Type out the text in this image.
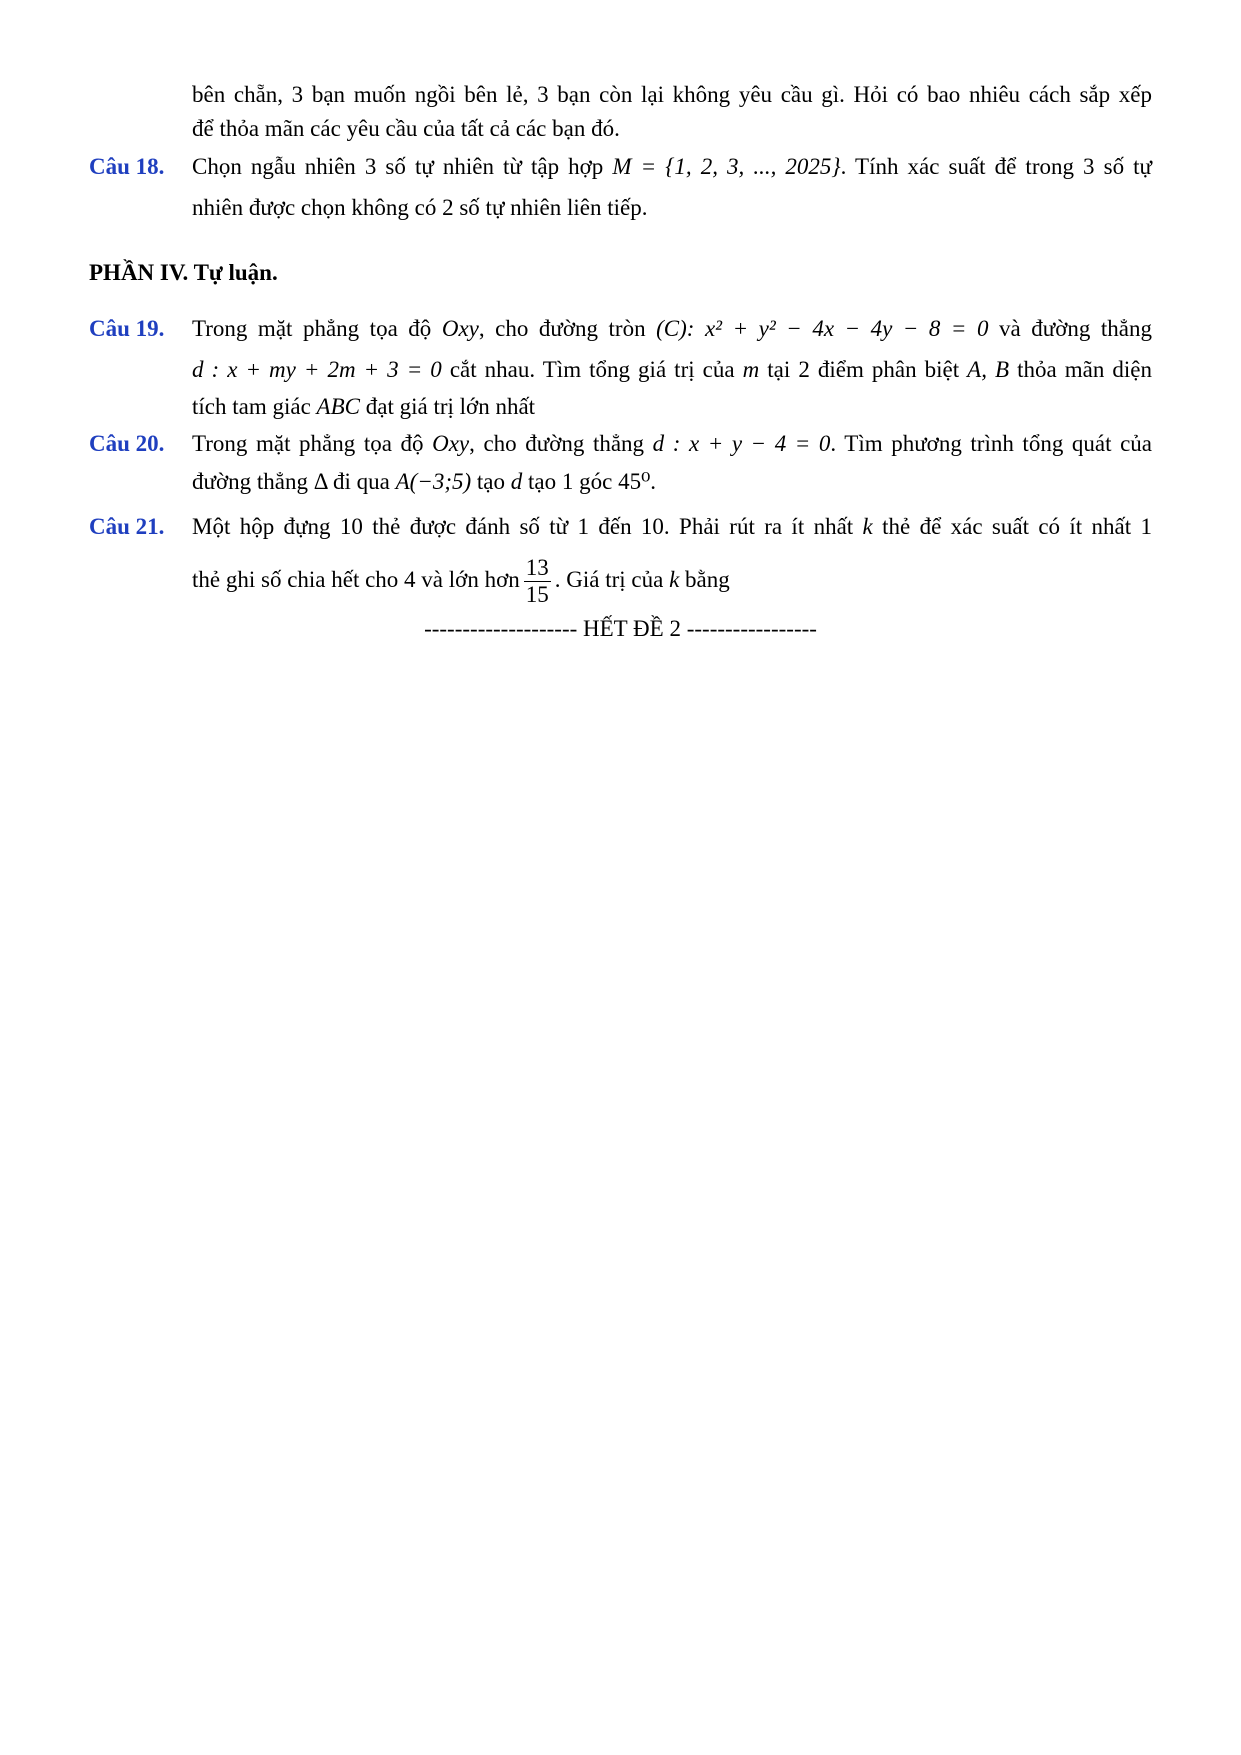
bên chẵn, 3 bạn muốn ngồi bên lẻ, 3 bạn còn lại không yêu cầu gì. Hỏi có bao nhiêu cách sắp xếp
để thỏa mãn các yêu cầu của tất cả các bạn đó.
Câu 18. Chọn ngẫu nhiên 3 số tự nhiên từ tập hợp M = {1, 2, 3, ..., 2025}. Tính xác suất để trong 3 số tự
nhiên được chọn không có 2 số tự nhiên liên tiếp.
PHẦN IV. Tự luận.
Câu 19. Trong mặt phẳng tọa độ Oxy, cho đường tròn (C): x² + y² − 4x − 4y − 8 = 0 và đường thẳng
d : x + my + 2m + 3 = 0 cắt nhau. Tìm tổng giá trị của m tại 2 điểm phân biệt A, B thỏa mãn diện
tích tam giác ABC đạt giá trị lớn nhất
Câu 20. Trong mặt phẳng tọa độ Oxy, cho đường thẳng d : x + y − 4 = 0. Tìm phương trình tổng quát của
đường thẳng Δ đi qua A(−3;5) tạo d tạo 1 góc 45⁰.
Câu 21. Một hộp đựng 10 thẻ được đánh số từ 1 đến 10. Phải rút ra ít nhất k thẻ để xác suất có ít nhất 1
thẻ ghi số chia hết cho 4 và lớn hơn $\frac{13}{15}$ . Giá trị của k bằng
-------------------- HẾT ĐỀ 2 -----------------
